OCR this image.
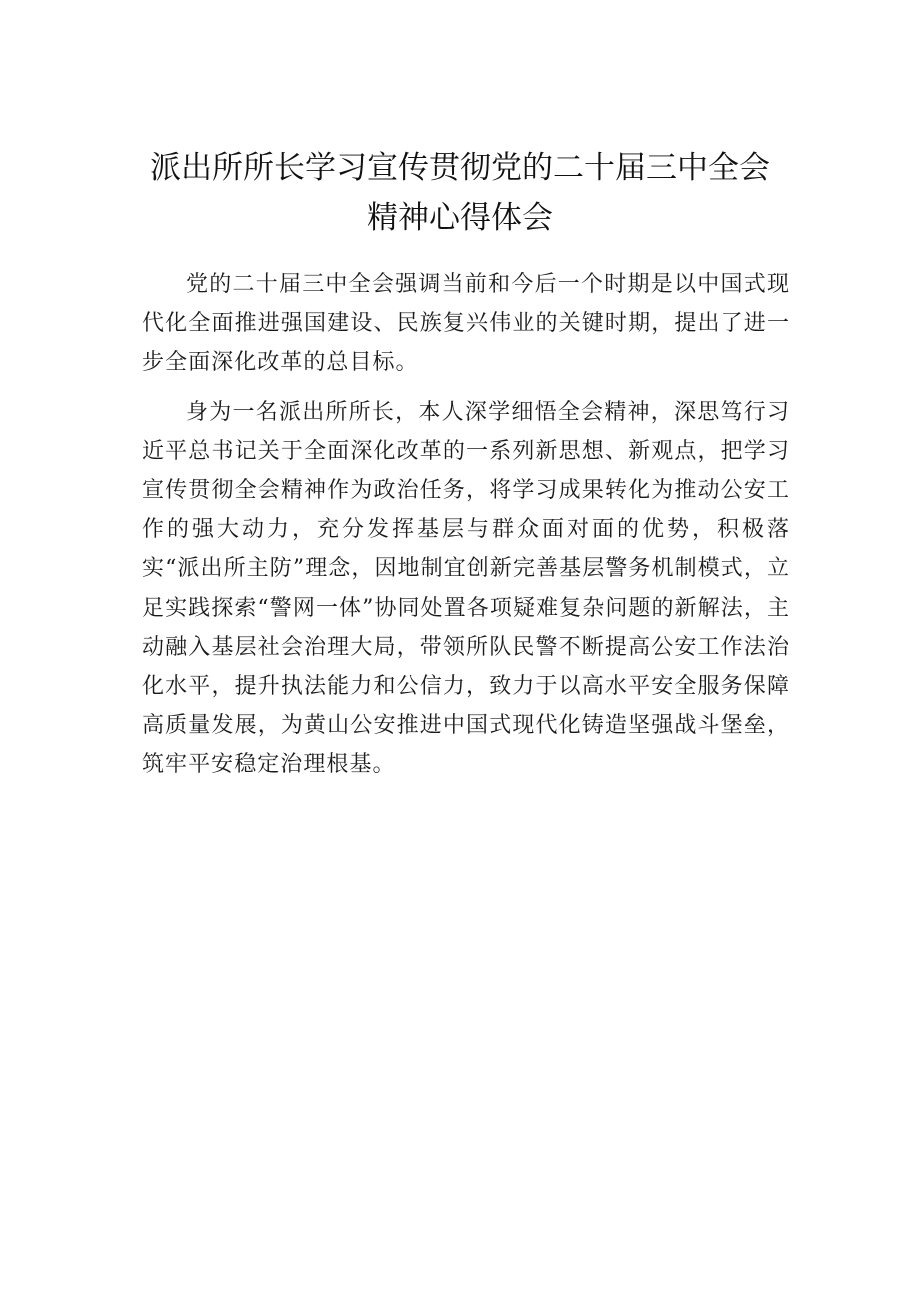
派出所所长学习宣传贯彻党的二十届三中全会
精神心得体会

党的二十届三中全会强调当前和今后一个时期是以中国式现代化全面推进强国建设、民族复兴伟业的关键时期，提出了进一步全面深化改革的总目标。

身为一名派出所所长，本人深学细悟全会精神，深思笃行习近平总书记关于全面深化改革的一系列新思想、新观点，把学习宣传贯彻全会精神作为政治任务，将学习成果转化为推动公安工作的强大动力，充分发挥基层与群众面对面的优势，积极落实“派出所主防”理念，因地制宜创新完善基层警务机制模式，立足实践探索“警网一体”协同处置各项疑难复杂问题的新解法，主动融入基层社会治理大局，带领所队民警不断提高公安工作法治化水平，提升执法能力和公信力，致力于以高水平安全服务保障高质量发展，为黄山公安推进中国式现代化铸造坚强战斗堡垒，筑牢平安稳定治理根基。
